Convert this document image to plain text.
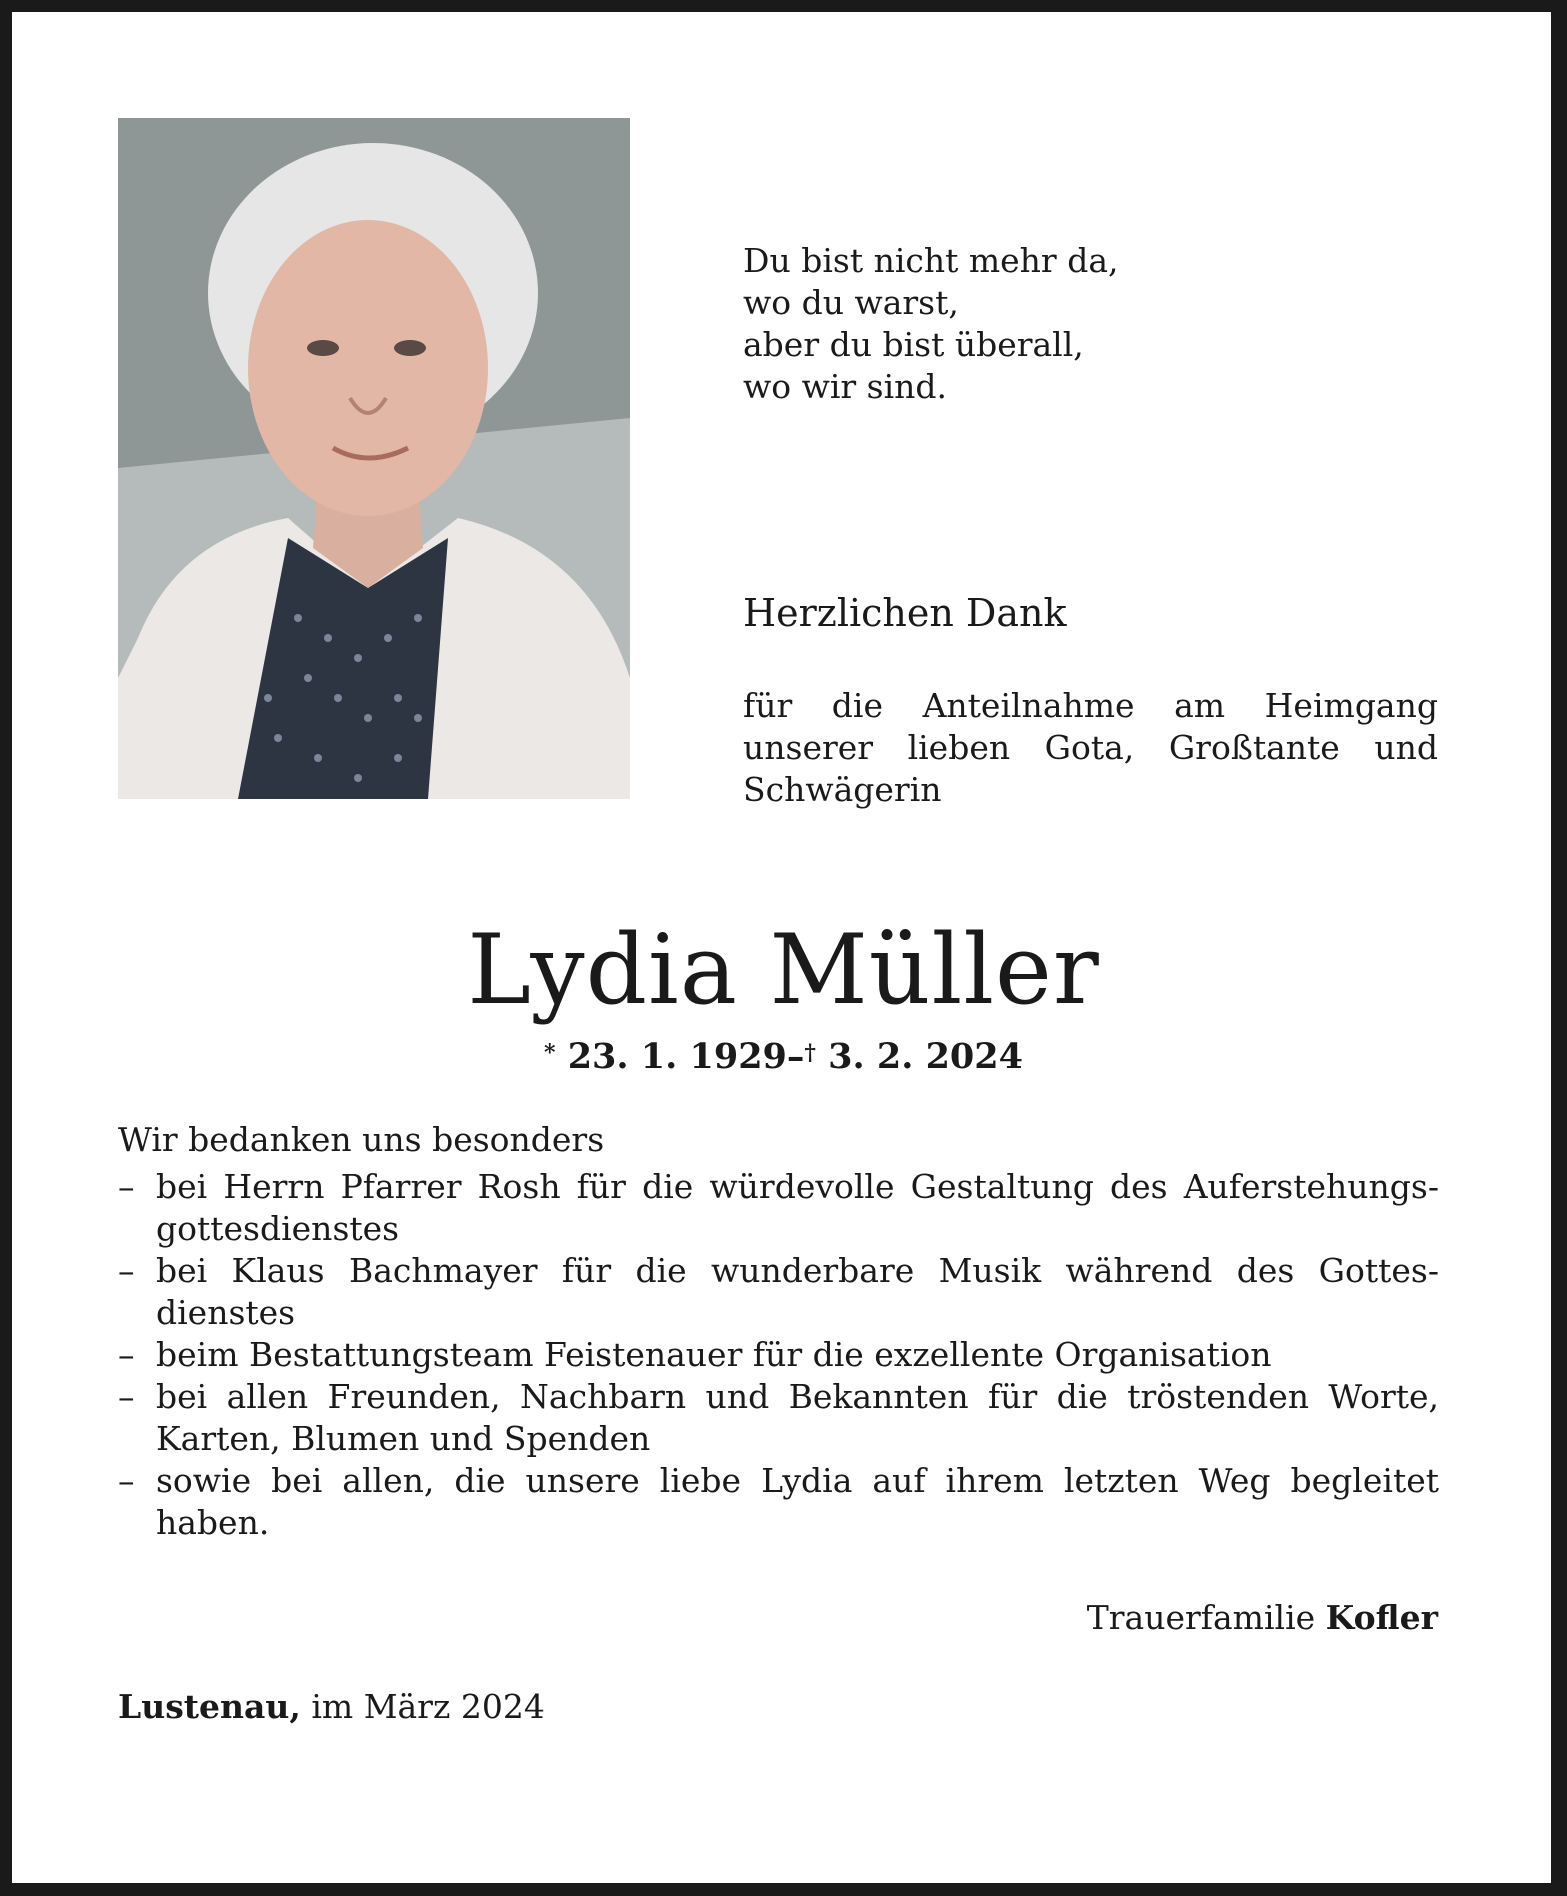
Du bist nicht mehr da,
wo du warst,
aber du bist überall,
wo wir sind.
Herzlichen Dank
für die Anteilnahme am Heimgang unserer lieben Gota, Großtante und Schwägerin
Lydia Müller
* 23. 1. 1929–† 3. 2. 2024
Wir bedanken uns besonders
– bei Herrn Pfarrer Rosh für die würdevolle Gestaltung des Auferstehungs-gottesdienstes
– bei Klaus Bachmayer für die wunderbare Musik während des Gottes-dienstes
– beim Bestattungsteam Feistenauer für die exzellente Organisation
– bei allen Freunden, Nachbarn und Bekannten für die tröstenden Worte, Karten, Blumen und Spenden
– sowie bei allen, die unsere liebe Lydia auf ihrem letzten Weg begleitet haben.
Trauerfamilie Kofler
Lustenau, im März 2024
